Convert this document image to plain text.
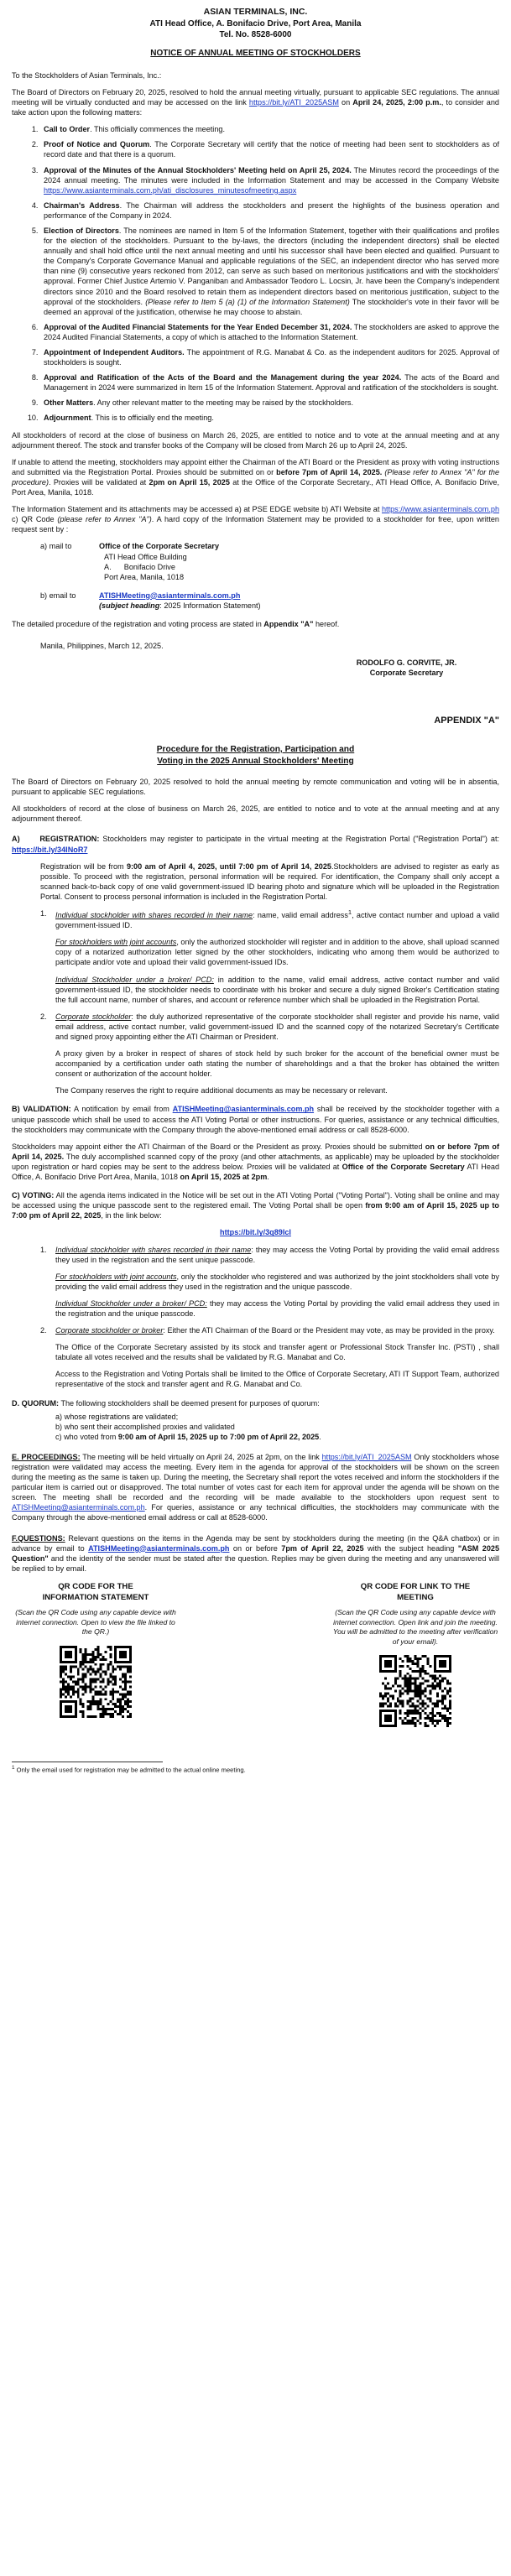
ASIAN TERMINALS, INC.
ATI Head Office, A. Bonifacio Drive, Port Area, Manila
Tel. No. 8528-6000
NOTICE OF ANNUAL MEETING OF STOCKHOLDERS

To the Stockholders of Asian Terminals, Inc.:

The Board of Directors on February 20, 2025, resolved to hold the annual meeting virtually, pursuant to applicable SEC regulations. The annual meeting will be virtually conducted and may be accessed on the link https://bit.ly/ATI_2025ASM on April 24, 2025, 2:00 p.m., to consider and take action upon the following matters:

1. Call to Order. This officially commences the meeting.
2. Proof of Notice and Quorum. The Corporate Secretary will certify that the notice of meeting had been sent to stockholders as of record date and that there is a quorum.
3. Approval of the Minutes of the Annual Stockholders' Meeting held on April 25, 2024. The Minutes record the proceedings of the 2024 annual meeting. The minutes were included in the Information Statement and may be accessed in the Company Website https://www.asianterminals.com.ph/ati_disclosures_minutesofmeeting.aspx
4. Chairman's Address. The Chairman will address the stockholders and present the highlights of the business operation and performance of the Company in 2024.
5. Election of Directors. The nominees are named in Item 5 of the Information Statement, together with their qualifications and profiles for the election of the stockholders. Pursuant to the by-laws, the directors (including the independent directors) shall be elected annually and shall hold office until the next annual meeting and until his successor shall have been elected and qualified. Pursuant to the Company's Corporate Governance Manual and applicable regulations of the SEC, an independent director who has served more than nine (9) consecutive years reckoned from 2012, can serve as such based on meritorious justifications and with the stockholders' approval. Former Chief Justice Artemio V. Panganiban and Ambassador Teodoro L. Locsin, Jr. have been the Company's independent directors since 2010 and the Board resolved to retain them as independent directors based on meritorious justification, subject to the approval of the stockholders. (Please refer to Item 5 (a) (1) of the Information Statement) The stockholder's vote in their favor will be deemed an approval of the justification, otherwise he may choose to abstain.
6. Approval of the Audited Financial Statements for the Year Ended December 31, 2024. The stockholders are asked to approve the 2024 Audited Financial Statements, a copy of which is attached to the Information Statement.
7. Appointment of Independent Auditors. The appointment of R.G. Manabat & Co. as the independent auditors for 2025. Approval of stockholders is sought.
8. Approval and Ratification of the Acts of the Board and the Management during the year 2024. The acts of the Board and Management in 2024 were summarized in Item 15 of the Information Statement. Approval and ratification of the stockholders is sought.
9. Other Matters. Any other relevant matter to the meeting may be raised by the stockholders.
10. Adjournment. This is to officially end the meeting.

All stockholders of record at the close of business on March 26, 2025, are entitled to notice and to vote at the annual meeting and at any adjournment thereof. The stock and transfer books of the Company will be closed from March 26 up to April 24, 2025.

If unable to attend the meeting, stockholders may appoint either the Chairman of the ATI Board or the President as proxy with voting instructions and submitted via the Registration Portal. Proxies should be submitted on or before 7pm of April 14, 2025. (Please refer to Annex "A" for the procedure). Proxies will be validated at 2pm on April 15, 2025 at the Office of the Corporate Secretary., ATI Head Office, A. Bonifacio Drive, Port Area, Manila, 1018.

The Information Statement and its attachments may be accessed a) at PSE EDGE website b) ATI Website at https://www.asianterminals.com.ph c) QR Code (please refer to Annex "A"). A hard copy of the Information Statement may be provided to a stockholder for free, upon written request sent by :

a) mail to	Office of the Corporate Secretary
ATI Head Office Building
A.      Bonifacio Drive
Port Area, Manila, 1018
b) email to	ATISHMeeting@asianterminals.com.ph
(subject heading: 2025 Information Statement)

The detailed procedure of the registration and voting process are stated in Appendix "A" hereof.

Manila, Philippines, March 12, 2025.

RODOLFO G. CORVITE, JR.
Corporate Secretary
APPENDIX "A"
Procedure for the Registration, Participation and
Voting in the 2025 Annual Stockholders' Meeting

The Board of Directors on February 20, 2025 resolved to hold the annual meeting by remote communication and voting will be in absentia, pursuant to applicable SEC regulations.

All stockholders of record at the close of business on March 26, 2025, are entitled to notice and to vote at the annual meeting and at any adjournment thereof.

A)      REGISTRATION: Stockholders may register to participate in the virtual meeting at the Registration Portal ("Registration Portal") at: https://bit.ly/34INoR7

Registration will be from 9:00 am of April 4, 2025, until 7:00 pm of April 14, 2025.Stockholders are advised to register as early as possible. To proceed with the registration, personal information will be required. For identification, the Company shall only accept a scanned back-to-back copy of one valid government-issued ID bearing photo and signature which will be uploaded in the Registration Portal. Consent to process personal information is included in the Registration Portal.

1.	Individual stockholder with shares recorded in their name: name, valid email address$^1$, active contact number and upload a valid government-issued ID.

For stockholders with joint accounts, only the authorized stockholder will register and in addition to the above, shall upload scanned copy of a notarized authorization letter signed by the other stockholders, indicating who among them would be authorized to participate and/or vote and upload their valid government-issued IDs.

Individual Stockholder under a broker/ PCD: in addition to the name, valid email address, active contact number and valid government-issued ID, the stockholder needs to coordinate with his broker and secure a duly signed Broker's Certification stating the full account name, number of shares, and account or reference number which shall be uploaded in the Registration Portal.

2.	Corporate stockholder: the duly authorized representative of the corporate stockholder shall register and provide his name, valid email address, active contact number, valid government-issued ID and the scanned copy of the notarized Secretary's Certificate and signed proxy appointing either the ATI Chairman or President.

A proxy given by a broker in respect of shares of stock held by such broker for the account of the beneficial owner must be accompanied by a certification under oath stating the number of shareholdings and a that the broker has obtained the written consent or authorization of the account holder.

The Company reserves the right to require additional documents as may be necessary or relevant.

B) VALIDATION: A notification by email from ATISHMeeting@asianterminals.com.ph shall be received by the stockholder together with a unique passcode which shall be used to access the ATI Voting Portal or other instructions. For queries, assistance or any technical difficulties, the stockholders may communicate with the Company through the above-mentioned email address or call 8528-6000.

Stockholders may appoint either the ATI Chairman of the Board or the President as proxy. Proxies should be submitted on or before 7pm of April 14, 2025. The duly accomplished scanned copy of the proxy (and other attachments, as applicable) may be uploaded by the stockholder upon registration or hard copies may be sent to the address below. Proxies will be validated at Office of the Corporate Secretary ATI Head Office, A. Bonifacio Drive Port Area, Manila, 1018 on April 15, 2025 at 2pm.

C) VOTING: All the agenda items indicated in the Notice will be set out in the ATI Voting Portal ("Voting Portal"). Voting shall be online and may be accessed using the unique passcode sent to the registered email. The Voting Portal shall be open from 9:00 am of April 15, 2025 up to 7:00 pm of April 22, 2025, in the link below:

https://bit.ly/3q89Icl

1.	Individual stockholder with shares recorded in their name: they may access the Voting Portal by providing the valid email address they used in the registration and the sent unique passcode.

For stockholders with joint accounts, only the stockholder who registered and was authorized by the joint stockholders shall vote by providing the valid email address they used in the registration and the unique passcode.

Individual Stockholder under a broker/ PCD: they may access the Voting Portal by providing the valid email address they used in the registration and the unique passcode.

2.	Corporate stockholder or broker: Either the ATI Chairman of the Board or the President may vote, as may be provided in the proxy.

The Office of the Corporate Secretary assisted by its stock and transfer agent or Professional Stock Transfer Inc. (PSTI) , shall tabulate all votes received and the results shall be validated by R.G. Manabat and Co.

Access to the Registration and Voting Portals shall be limited to the Office of Corporate Secretary, ATI IT Support Team, authorized representative of the stock and transfer agent and R.G. Manabat and Co.

D. QUORUM: The following stockholders shall be deemed present for purposes of quorum:

a) whose registrations are validated;
b) who sent their accomplished proxies and validated
c) who voted from 9:00 am of April 15, 2025 up to 7:00 pm of April 22, 2025.

E. PROCEEDINGS: The meeting will be held virtually on April 24, 2025 at 2pm, on the link https://bit.ly/ATI_2025ASM Only stockholders whose registration were validated may access the meeting. Every item in the agenda for approval of the stockholders will be shown on the screen during the meeting as the same is taken up. During the meeting, the Secretary shall report the votes received and inform the stockholders if the particular item is carried out or disapproved. The total number of votes cast for each item for approval under the agenda will be shown on the screen. The meeting shall be recorded and the recording will be made available to the stockholders upon request sent to ATISHMeeting@asianterminals.com.ph. For queries, assistance or any technical difficulties, the stockholders may communicate with the Company through the above-mentioned email address or call at 8528-6000.

F.QUESTIONS: Relevant questions on the items in the Agenda may be sent by stockholders during the meeting (in the Q&A chatbox) or in advance by email to ATISHMeeting@asianterminals.com.ph on or before 7pm of April 22, 2025 with the subject heading "ASM 2025 Question" and the identity of the sender must be stated after the question. Replies may be given during the meeting and any unanswered will be replied to by email.

QR CODE FOR THE
INFORMATION STATEMENT
(Scan the QR Code using any capable device with internet connection. Open to view the file linked to the QR.)
QR CODE FOR LINK TO THE
MEETING
(Scan the QR Code using any capable device with internet connection. Open link and join the meeting. You will be admitted to the meeting after verification of your email).
$^1$ Only the email used for registration may be admitted to the actual online meeting.
